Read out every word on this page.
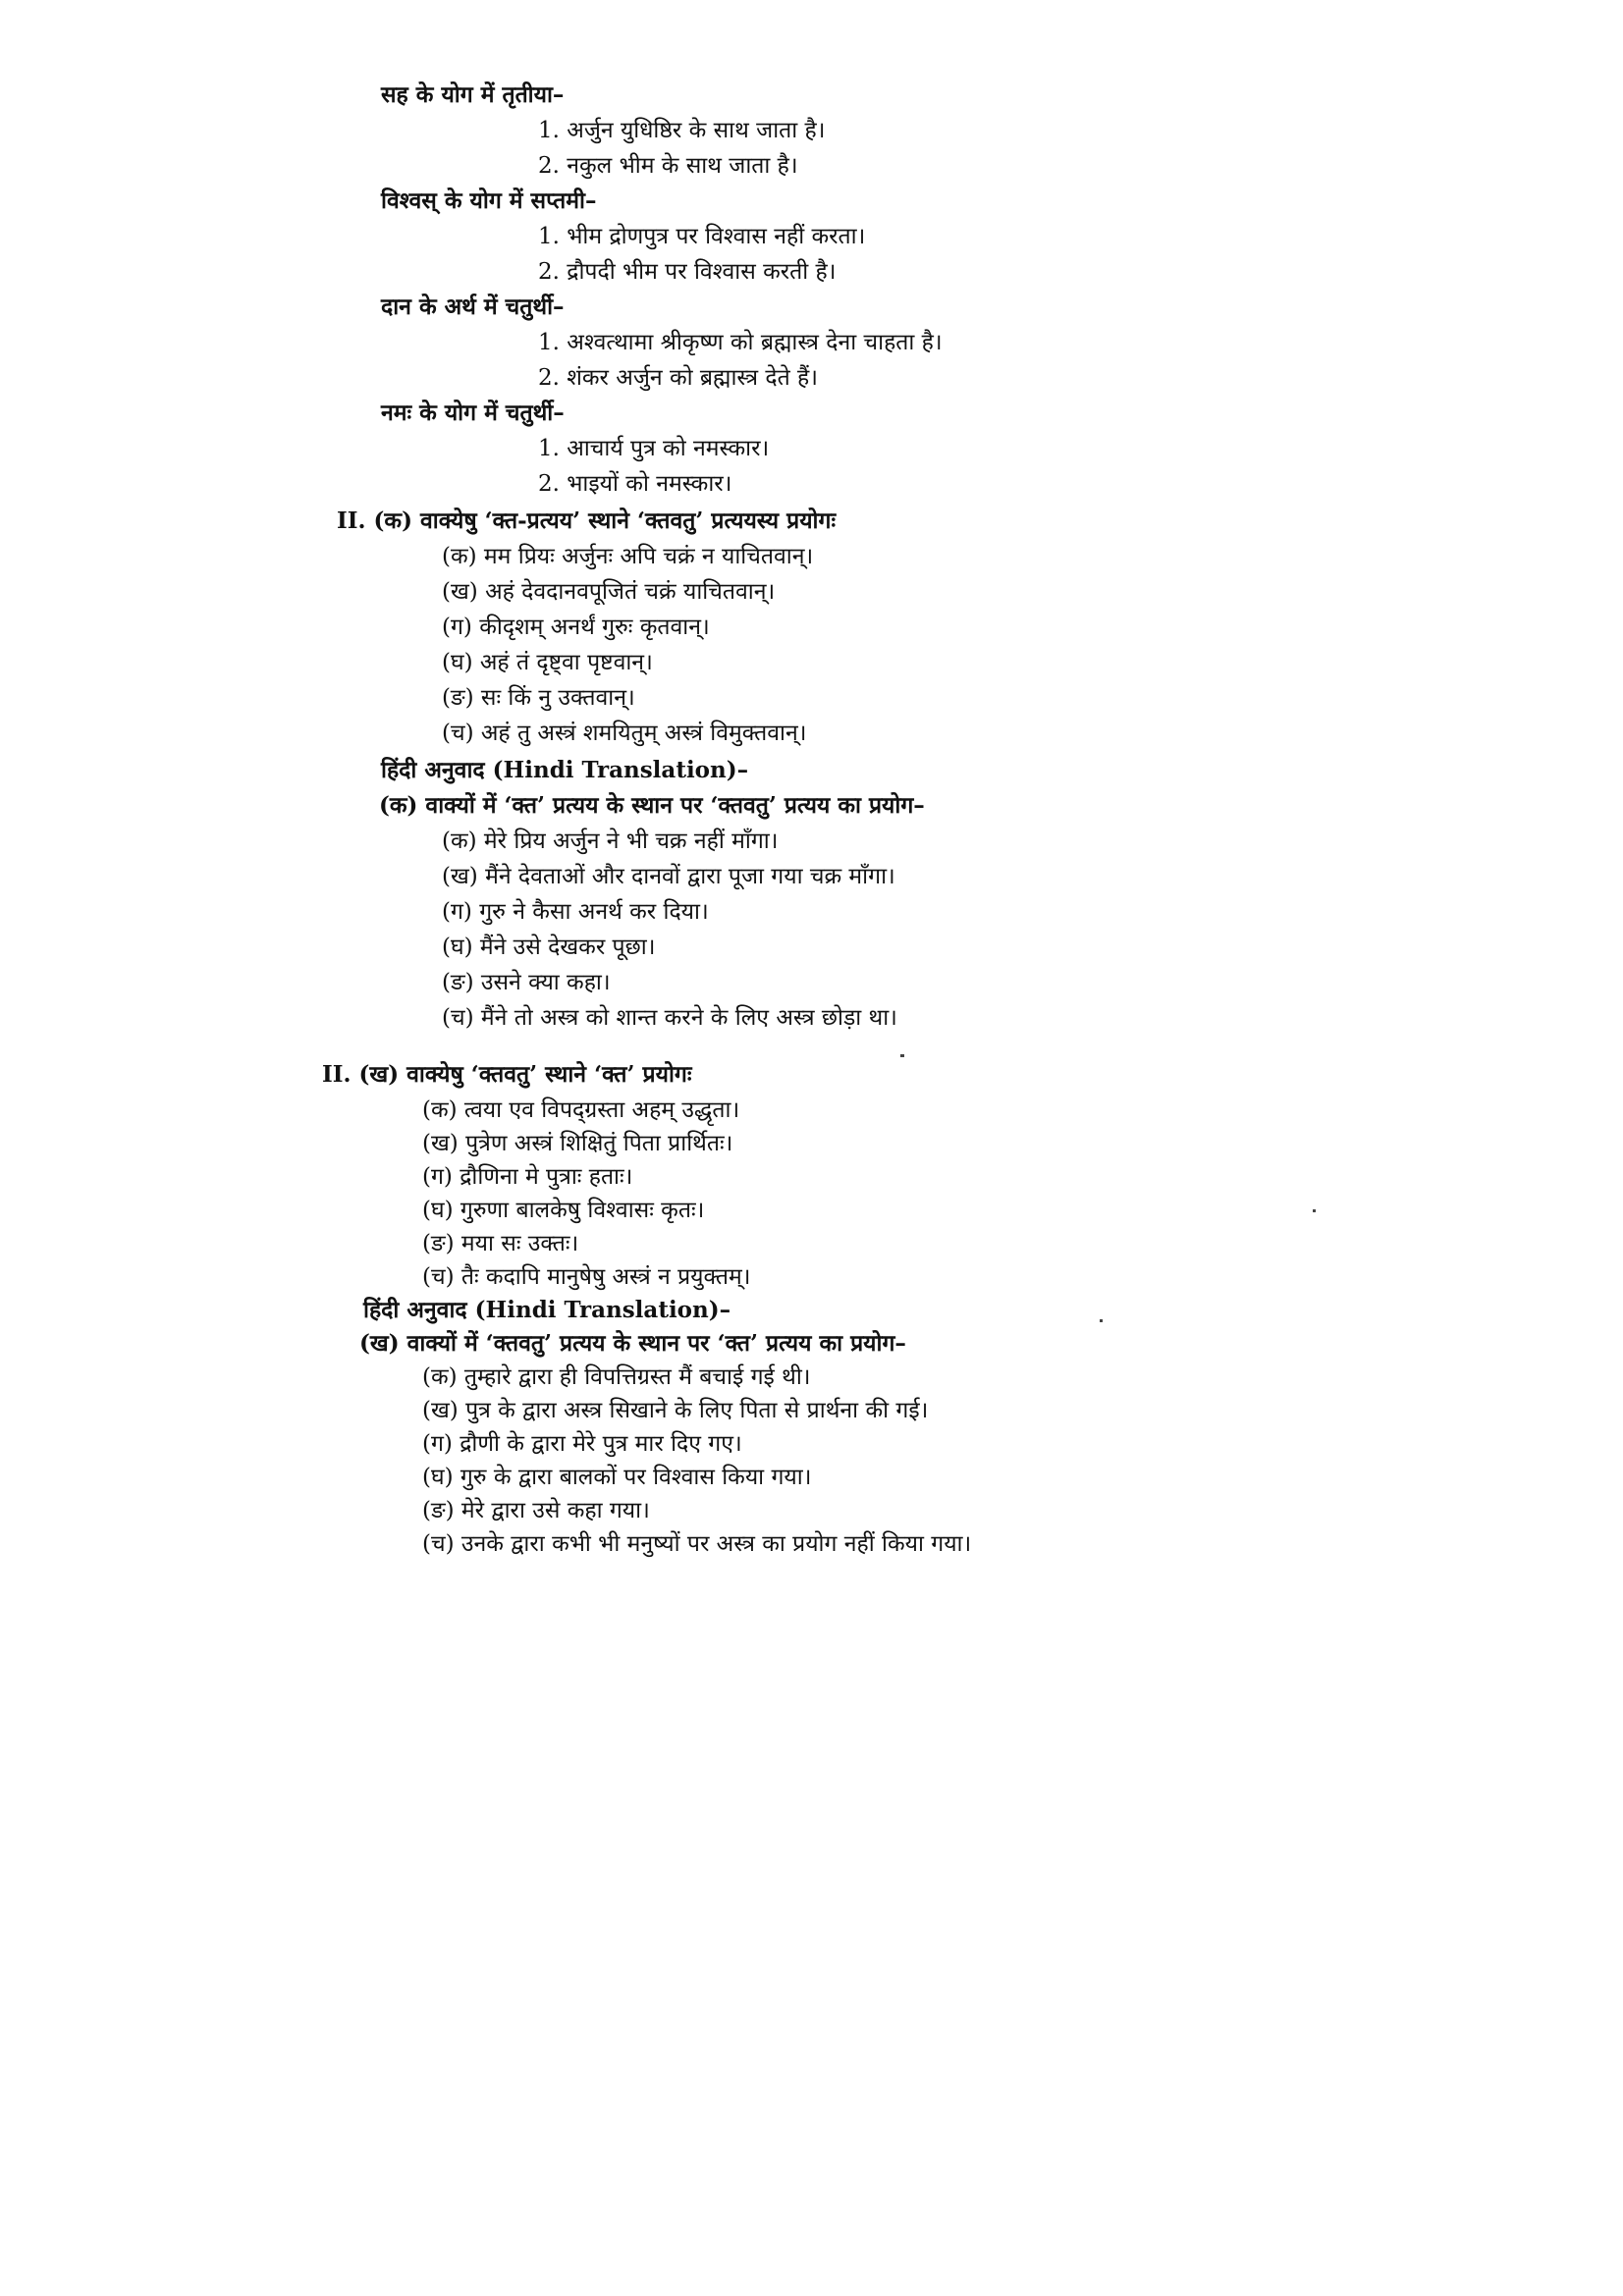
सह के योग में तृतीया–
1. अर्जुन युधिष्ठिर के साथ जाता है।
2. नकुल भीम के साथ जाता है।
विश्वस् के योग में सप्तमी–
1. भीम द्रोणपुत्र पर विश्वास नहीं करता।
2. द्रौपदी भीम पर विश्वास करती है।
दान के अर्थ में चतुर्थी–
1. अश्वत्थामा श्रीकृष्ण को ब्रह्मास्त्र देना चाहता है।
2. शंकर अर्जुन को ब्रह्मास्त्र देते हैं।
नमः के योग में चतुर्थी–
1. आचार्य पुत्र को नमस्कार।
2. भाइयों को नमस्कार।
II. (क) वाक्येषु ‘क्त-प्रत्यय’ स्थाने ‘क्तवतु’ प्रत्ययस्य प्रयोगः
(क) मम प्रियः अर्जुनः अपि चक्रं न याचितवान्।
(ख) अहं देवदानवपूजितं चक्रं याचितवान्।
(ग) कीदृशम् अनर्थं गुरुः कृतवान्।
(घ) अहं तं दृष्ट्वा पृष्टवान्।
(ङ) सः किं नु उक्तवान्।
(च) अहं तु अस्त्रं शमयितुम् अस्त्रं विमुक्तवान्।
हिंदी अनुवाद (Hindi Translation)–
(क) वाक्यों में ‘क्त’ प्रत्यय के स्थान पर ‘क्तवतु’ प्रत्यय का प्रयोग–
(क) मेरे प्रिय अर्जुन ने भी चक्र नहीं माँगा।
(ख) मैंने देवताओं और दानवों द्वारा पूजा गया चक्र माँगा।
(ग) गुरु ने कैसा अनर्थ कर दिया।
(घ) मैंने उसे देखकर पूछा।
(ङ) उसने क्या कहा।
(च) मैंने तो अस्त्र को शान्त करने के लिए अस्त्र छोड़ा था।
II. (ख) वाक्येषु ‘क्तवतु’ स्थाने ‘क्त’ प्रयोगः
(क) त्वया एव विपद्ग्रस्ता अहम् उद्धृता।
(ख) पुत्रेण अस्त्रं शिक्षितुं पिता प्रार्थितः।
(ग) द्रौणिना मे पुत्राः हताः।
(घ) गुरुणा बालकेषु विश्वासः कृतः।
(ङ) मया सः उक्तः।
(च) तैः कदापि मानुषेषु अस्त्रं न प्रयुक्तम्।
हिंदी अनुवाद (Hindi Translation)–
(ख) वाक्यों में ‘क्तवतु’ प्रत्यय के स्थान पर ‘क्त’ प्रत्यय का प्रयोग–
(क) तुम्हारे द्वारा ही विपत्तिग्रस्त मैं बचाई गई थी।
(ख) पुत्र के द्वारा अस्त्र सिखाने के लिए पिता से प्रार्थना की गई।
(ग) द्रौणी के द्वारा मेरे पुत्र मार दिए गए।
(घ) गुरु के द्वारा बालकों पर विश्वास किया गया।
(ङ) मेरे द्वारा उसे कहा गया।
(च) उनके द्वारा कभी भी मनुष्यों पर अस्त्र का प्रयोग नहीं किया गया।
